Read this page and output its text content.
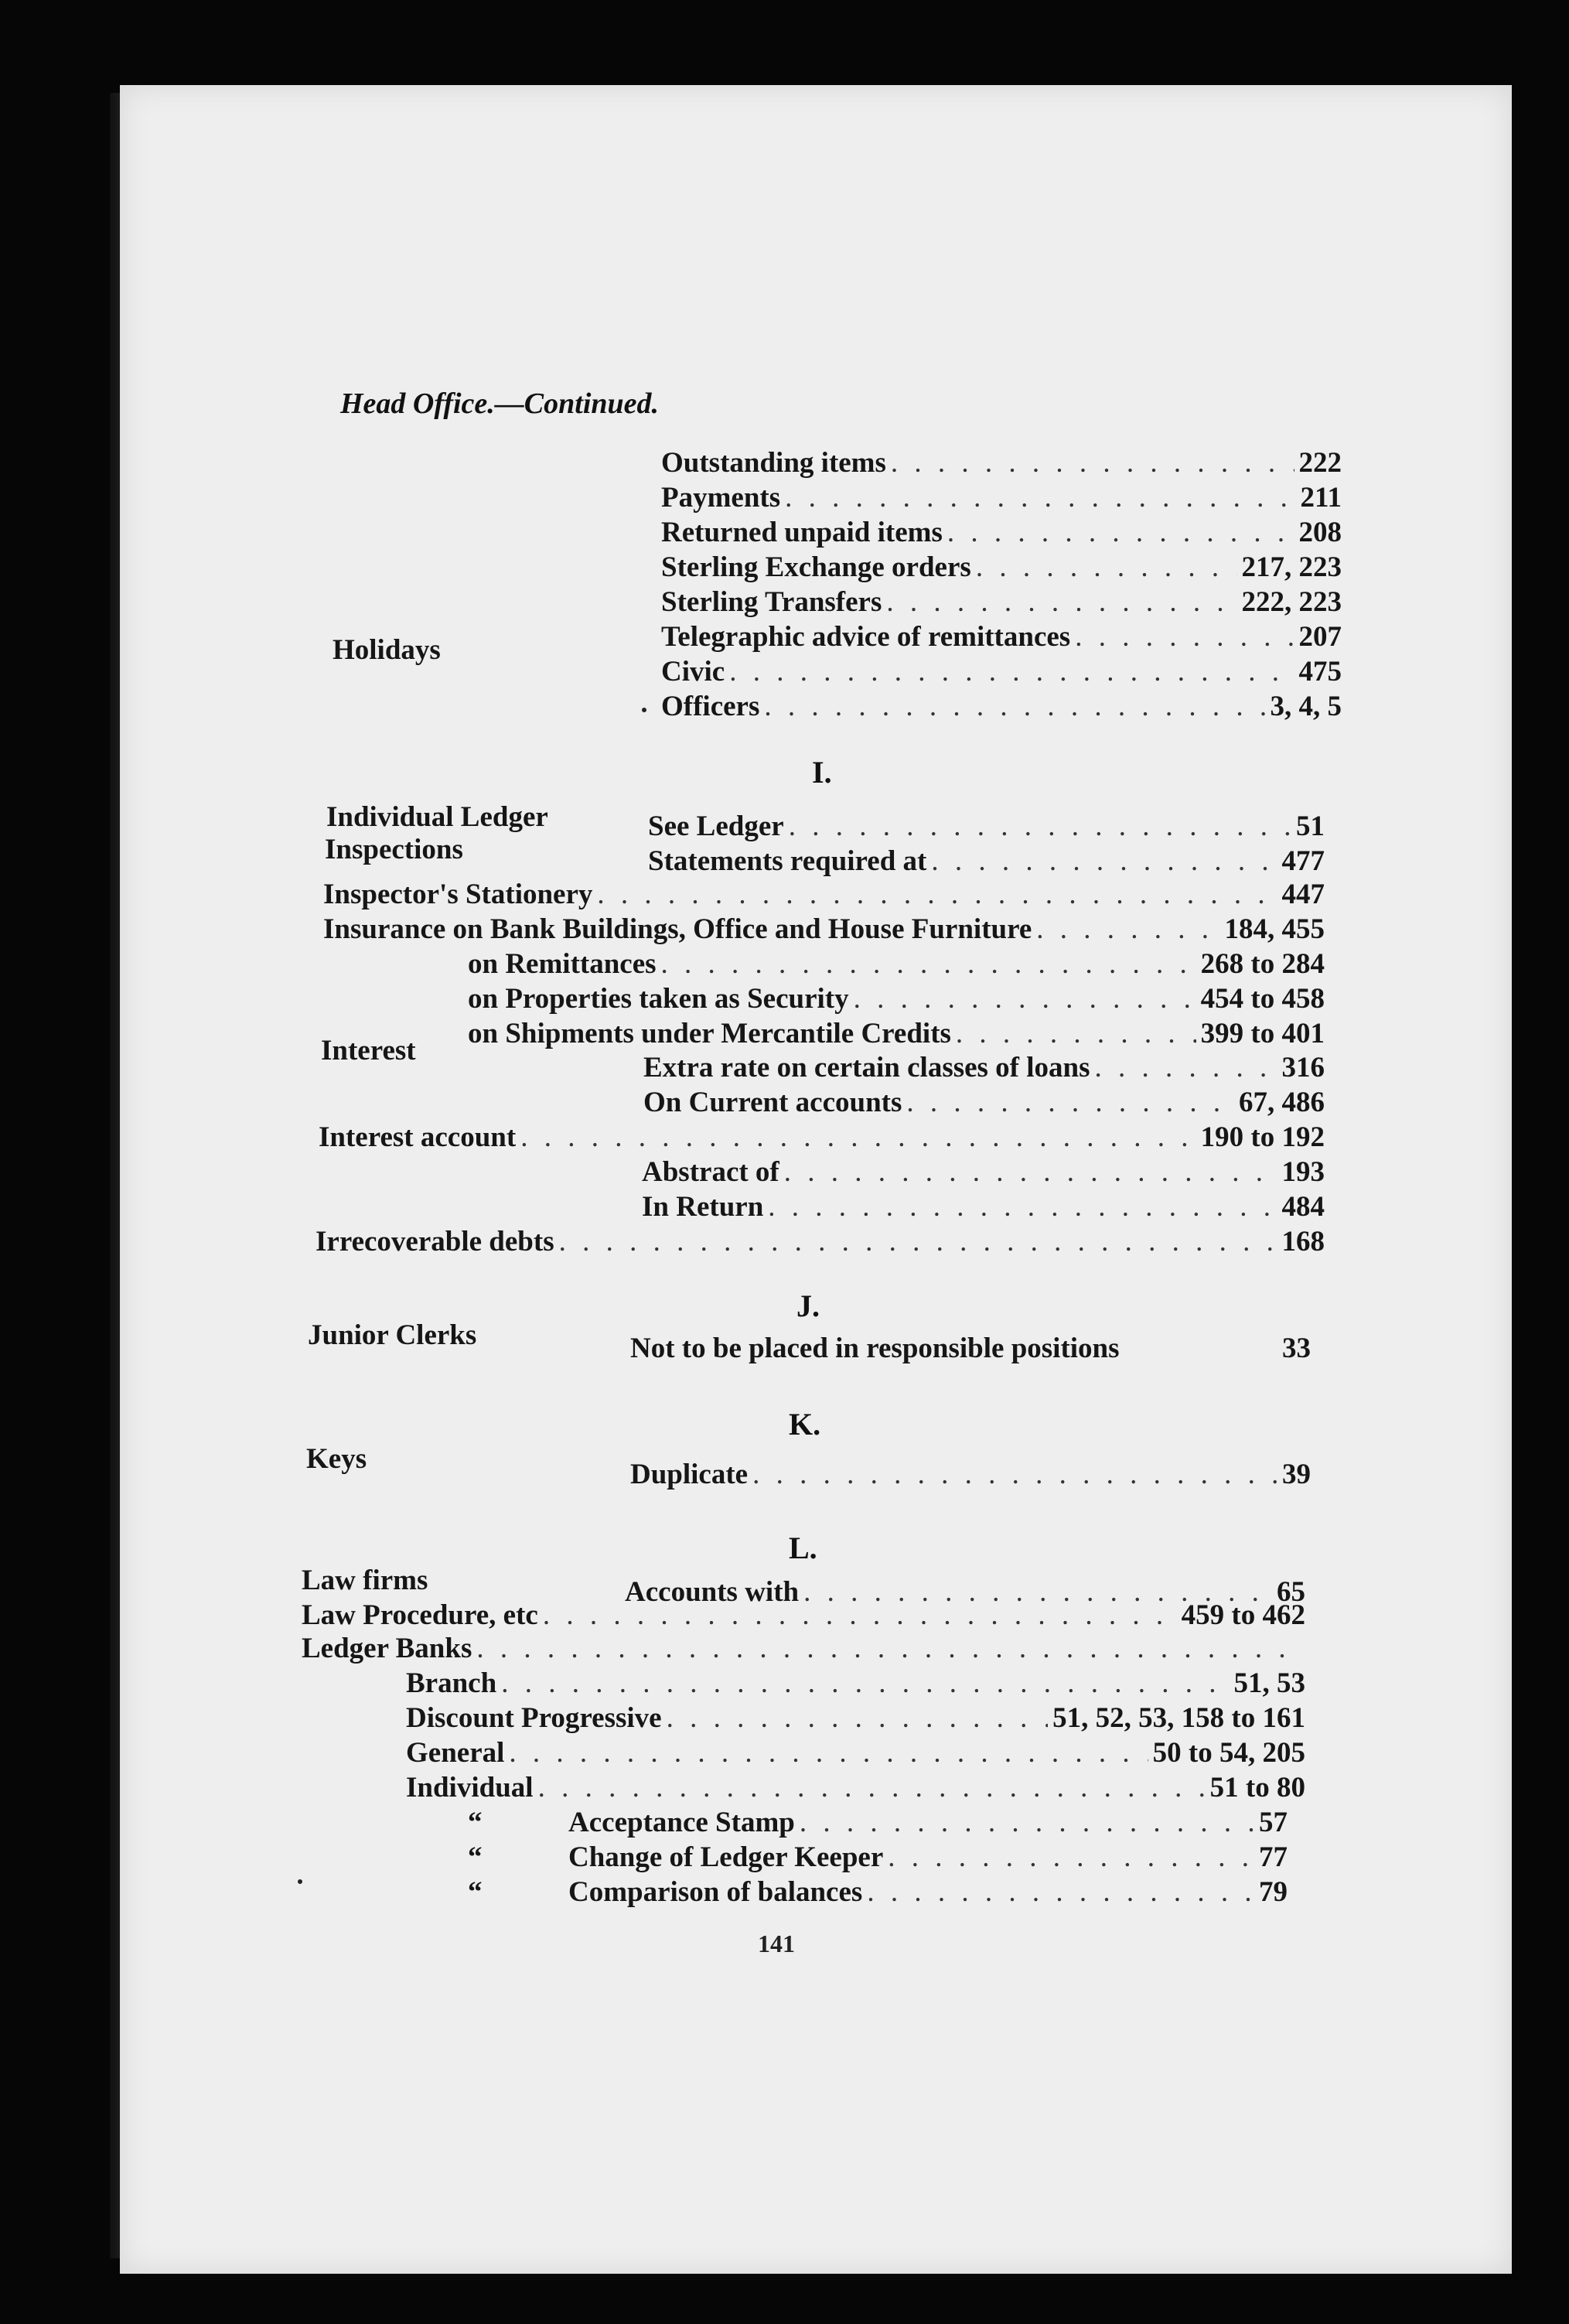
Head Office.—Continued.
Outstanding items . . .	222
Payments . . .	211
Returned unpaid items . . .	208
Sterling Exchange orders . . .	217, 223
Sterling Transfers . . .	222, 223
Telegraphic advice of remittances . . .	207
Holidays
Civic . . .	475
Officers . . .	3, 4, 5
I.
Individual Ledger	See Ledger . . .	51
Inspections	Statements required at . . .	477
Inspector's Stationery . . .	447
Insurance on Bank Buildings, Office and House Furniture . . .	184, 455
on Remittances . . .	268 to 284
on Properties taken as Security . . .	454 to 458
on Shipments under Mercantile Credits . . .	399 to 401
Interest
Extra rate on certain classes of loans . . .	316
On Current accounts . . .	67, 486
Interest account . . .	190 to 192
Abstract of . . .	193
In Return . . .	484
Irrecoverable debts . . .	168
J.
Junior Clerks	Not to be placed in responsible positions	33
K.
Keys	Duplicate . . .	39
L.
Law firms	Accounts with . . .	65
Law Procedure, etc . . .	459 to 462
Ledger Banks
. . .
Branch . . .	51, 53
Discount Progressive . . .	51, 52, 53, 158 to 161
General . . .	50 to 54, 205
Individual . . .	51 to 80
“	Acceptance Stamp . . .	57
“	Change of Ledger Keeper . . .	77
“	Comparison of balances . . .	79
141
